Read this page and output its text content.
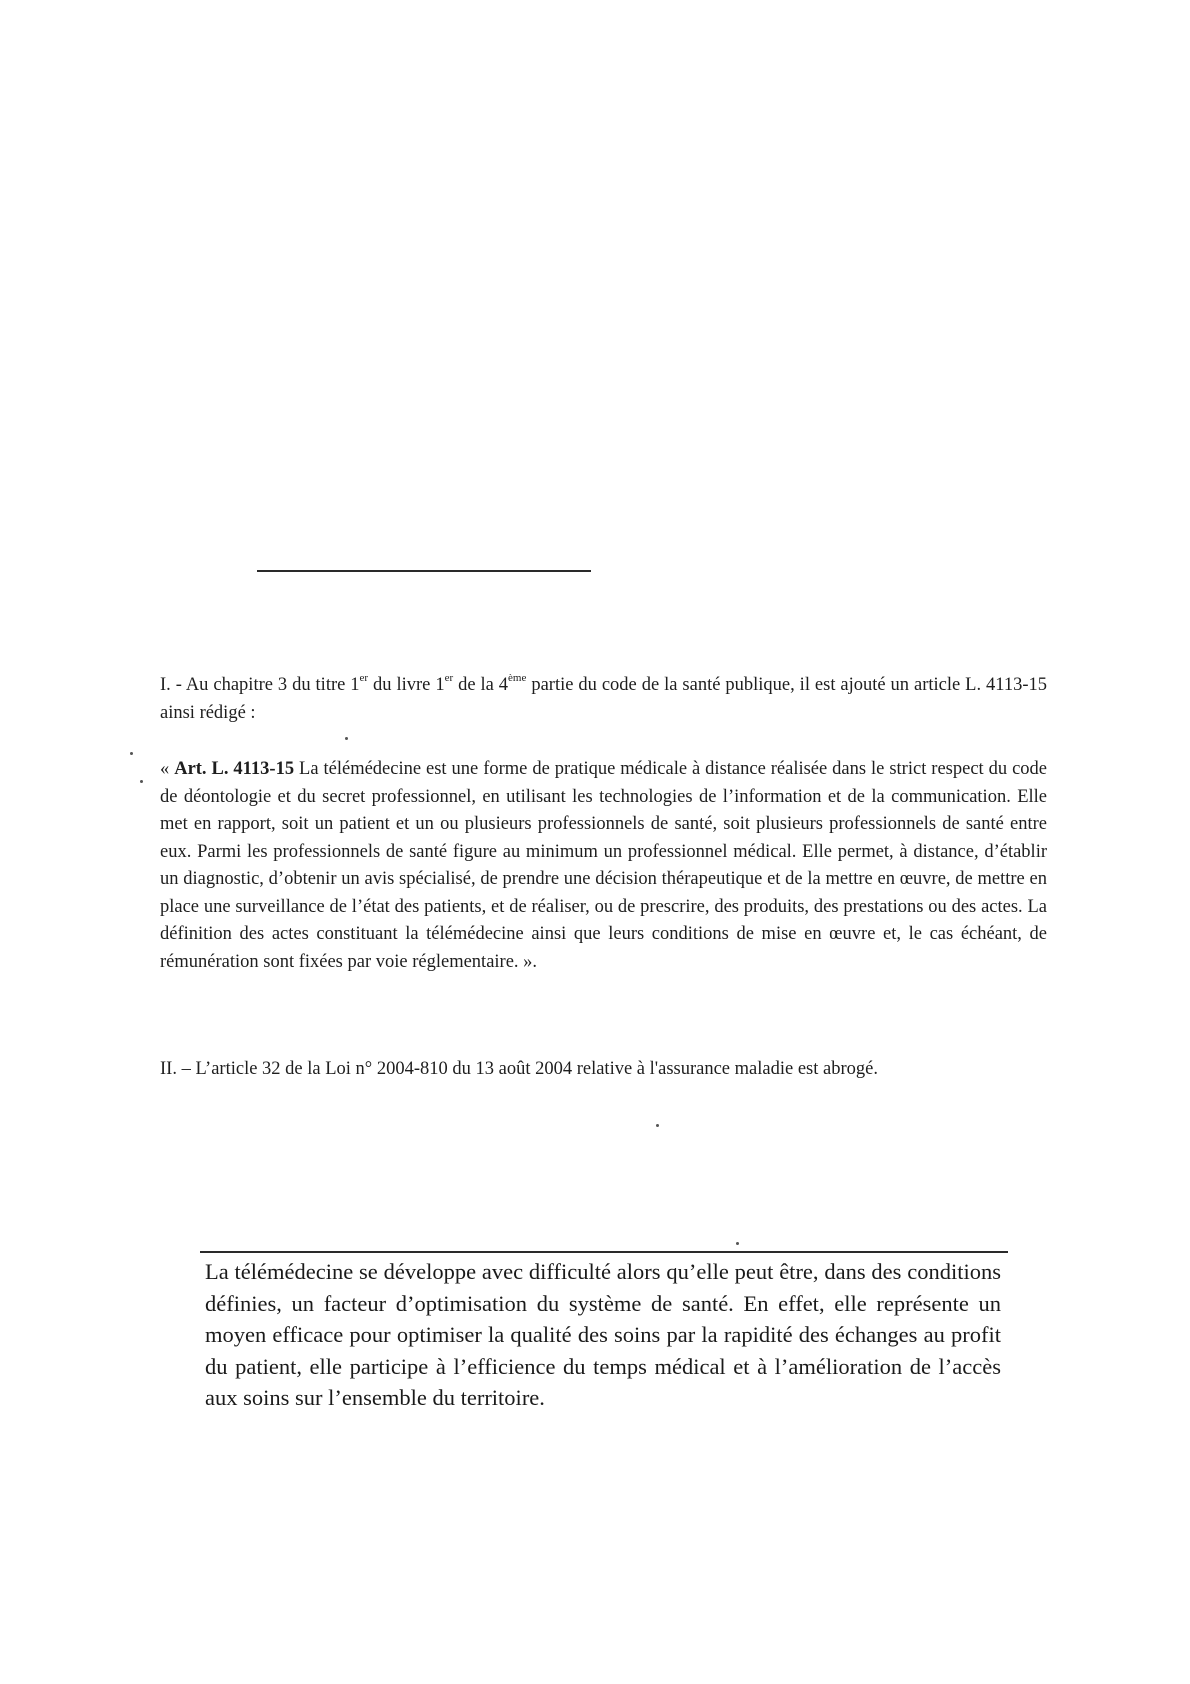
I. - Au chapitre 3 du titre 1er du livre 1er de la 4ème partie du code de la santé publique, il est ajouté un article L. 4113-15 ainsi rédigé :
« Art. L. 4113-15 La télémédecine est une forme de pratique médicale à distance réalisée dans le strict respect du code de déontologie et du secret professionnel, en utilisant les technologies de l’information et de la communication. Elle met en rapport, soit un patient et un ou plusieurs professionnels de santé, soit plusieurs professionnels de santé entre eux. Parmi les professionnels de santé figure au minimum un professionnel médical. Elle permet, à distance, d’établir un diagnostic, d’obtenir un avis spécialisé, de prendre une décision thérapeutique et de la mettre en œuvre, de mettre en place une surveillance de l’état des patients, et de réaliser, ou de prescrire, des produits, des prestations ou des actes. La définition des actes constituant la télémédecine ainsi que leurs conditions de mise en œuvre et, le cas échéant, de rémunération sont fixées par voie réglementaire. ».
II. – L’article 32 de la Loi n° 2004-810 du 13 août 2004 relative à l'assurance maladie est abrogé.
La télémédecine se développe avec difficulté alors qu’elle peut être, dans des conditions définies, un facteur d’optimisation du système de santé. En effet, elle représente un moyen efficace pour optimiser la qualité des soins par la rapidité des échanges au profit du patient, elle participe à l’efficience du temps médical et à l’amélioration de l’accès aux soins sur l’ensemble du territoire.
